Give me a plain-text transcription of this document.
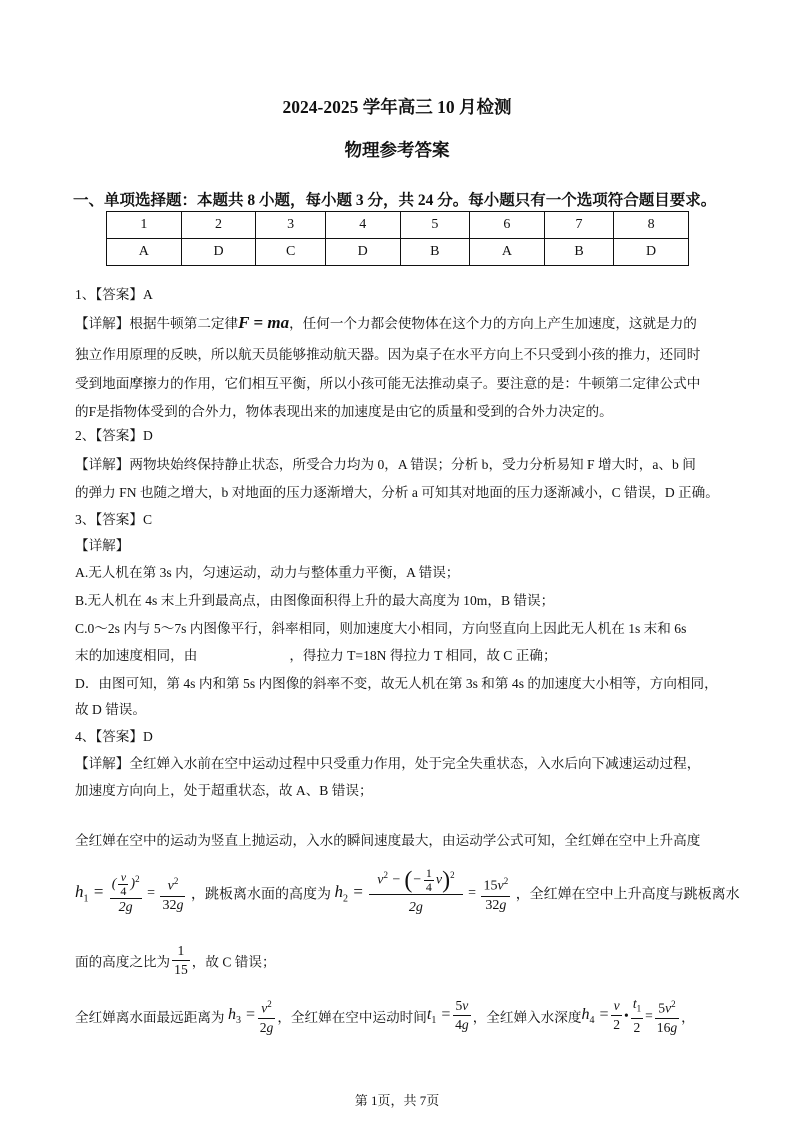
2024-2025 学年高三 10 月检测
物理参考答案
一、单项选择题：本题共 8 小题，每小题 3 分，共 24 分。每小题只有一个选项符合题目要求。
1	2	3	4	5	6	7	8
A	D	C	D	B	A	B	D
1、【答案】A
【详解】根据牛顿第二定律F = ma，任何一个力都会使物体在这个力的方向上产生加速度，这就是力的
独立作用原理的反映，所以航天员能够推动航天器。因为桌子在水平方向上不只受到小孩的推力，还同时
受到地面摩擦力的作用，它们相互平衡，所以小孩可能无法推动桌子。要注意的是：牛顿第二定律公式中
的F是指物体受到的合外力，物体表现出来的加速度是由它的质量和受到的合外力决定的。
2、【答案】D
【详解】两物块始终保持静止状态，所受合力均为 0，A 错误；分析 b，受力分析易知 F 增大时，a、b 间
的弹力 FN 也随之增大，b 对地面的压力逐渐增大，分析 a 可知其对地面的压力逐渐减小，C 错误，D 正确。
3、【答案】C
【详解】
A.无人机在第 3s 内，匀速运动，动力与整体重力平衡，A 错误；
B.无人机在 4s 末上升到最高点，由图像面积得上升的最大高度为 10m，B 错误；
C.0～2s 内与 5～7s 内图像平行，斜率相同，则加速度大小相同，方向竖直向上因此无人机在 1s 末和 6s
末的加速度相同，由	，得拉力 T=18N 得拉力 T 相同，故 C 正确；
D．由图可知，第 4s 内和第 5s 内图像的斜率不变，故无人机在第 3s 和第 4s 的加速度大小相等，方向相同，
故 D 错误。
4、【答案】D
【详解】全红婵入水前在空中运动过程中只受重力作用，处于完全失重状态，入水后向下减速运动过程，
加速度方向向上，处于超重状态，故 A、B 错误；
全红婵在空中的运动为竖直上抛运动，入水的瞬间速度最大，由运动学公式可知，全红婵在空中上升高度
$h_1 = \frac{( \frac{v}{4} )^2}{2g} = \frac{v^2}{32g}$ ，跳板离水面的高度为 $h_2 = \frac{v^2 - (- \frac{1}{4} v)^2}{2g} = \frac{15v^2}{32g}$ ，全红婵在空中上升高度与跳板离水
面的高度之比为 $\frac{1}{15}$ ，故 C 错误；
全红婵离水面最远距离为 $h_3 = \frac{v^2}{2g}$ ，全红婵在空中运动时间$t_1 = \frac{5v}{4g}$ ，全红婵入水深度$h_4 = \frac{v}{2}$ • $\frac{t_1}{2} = \frac{5v^2}{16g}$ ，
第 1页，共 7页
